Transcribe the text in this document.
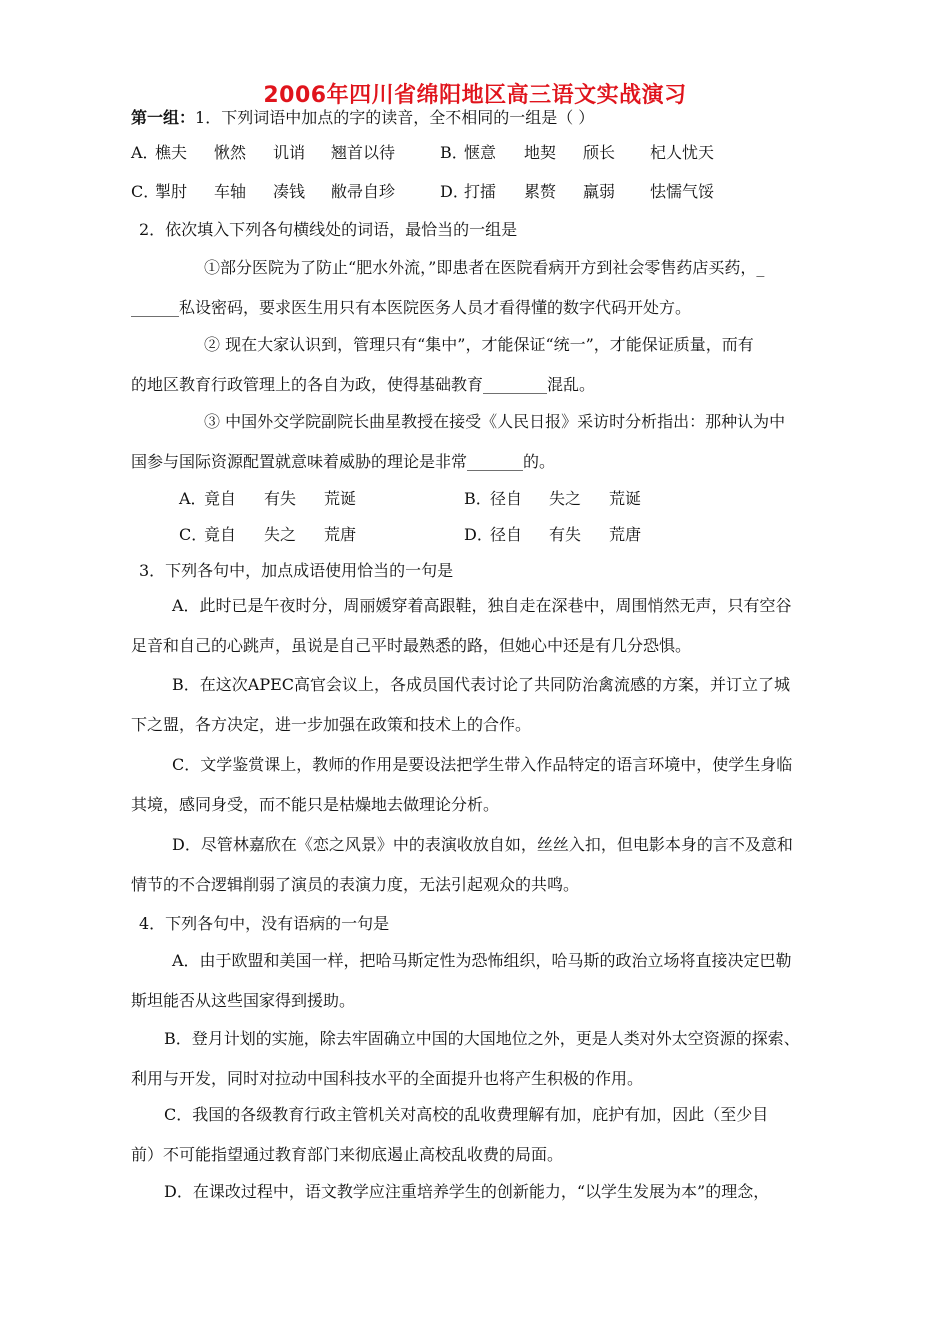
2006年四川省绵阳地区高三语文实战演习
第一组：1．下列词语中加点的字的读音，全不相同的一组是（ ）
A．
樵夫 愀然 讥诮 翘首以待	B．
惬意 地契 颀长 杞人忧天
C．
掣肘 车轴 凑钱 敝帚自珍	D．
打擂 累赘 羸弱 怯懦气馁
2．依次填入下列各句横线处的词语，最恰当的一组是
①部分医院为了防止“肥水外流，”即患者在医院看病开方到社会零售药店买药，_
______私设密码，要求医生用只有本医院医务人员才看得懂的数字代码开处方。
② 现在大家认识到，管理只有“集中”，才能保证“统一”，才能保证质量，而有
的地区教育行政管理上的各自为政，使得基础教育________混乱。
③ 中国外交学院副院长曲星教授在接受《人民日报》采访时分析指出：那种认为中
国参与国际资源配置就意味着威胁的理论是非常_______的。
A．
竟自 有失 荒诞	B．
径自 失之 荒诞
C．
竟自 失之 荒唐	D．
径自 有失 荒唐
3．下列各句中，加点成语使用恰当的一句是
A．此时已是午夜时分，周丽媛穿着高跟鞋，独自走在深巷中，周围悄然无声，只有空谷
足音和自己的心跳声，虽说是自己平时最熟悉的路，但她心中还是有几分恐惧。
B．在这次APEC高官会议上，各成员国代表讨论了共同防治禽流感的方案，并订立了城
下之盟，各方决定，进一步加强在政策和技术上的合作。
C．文学鉴赏课上，教师的作用是要设法把学生带入作品特定的语言环境中，使学生身临
其境，感同身受，而不能只是枯燥地去做理论分析。
D．尽管林嘉欣在《恋之风景》中的表演收放自如，丝丝入扣，但电影本身的言不及意和
情节的不合逻辑削弱了演员的表演力度，无法引起观众的共鸣。
4．下列各句中，没有语病的一句是
A．由于欧盟和美国一样，把哈马斯定性为恐怖组织，哈马斯的政治立场将直接决定巴勒
斯坦能否从这些国家得到援助。
B．登月计划的实施，除去牢固确立中国的大国地位之外，更是人类对外太空资源的探索、
利用与开发，同时对拉动中国科技水平的全面提升也将产生积极的作用。
C．我国的各级教育行政主管机关对高校的乱收费理解有加，庇护有加，因此（至少目
前）不可能指望通过教育部门来彻底遏止高校乱收费的局面。
D．在课改过程中，语文教学应注重培养学生的创新能力，“以学生发展为本”的理念，
